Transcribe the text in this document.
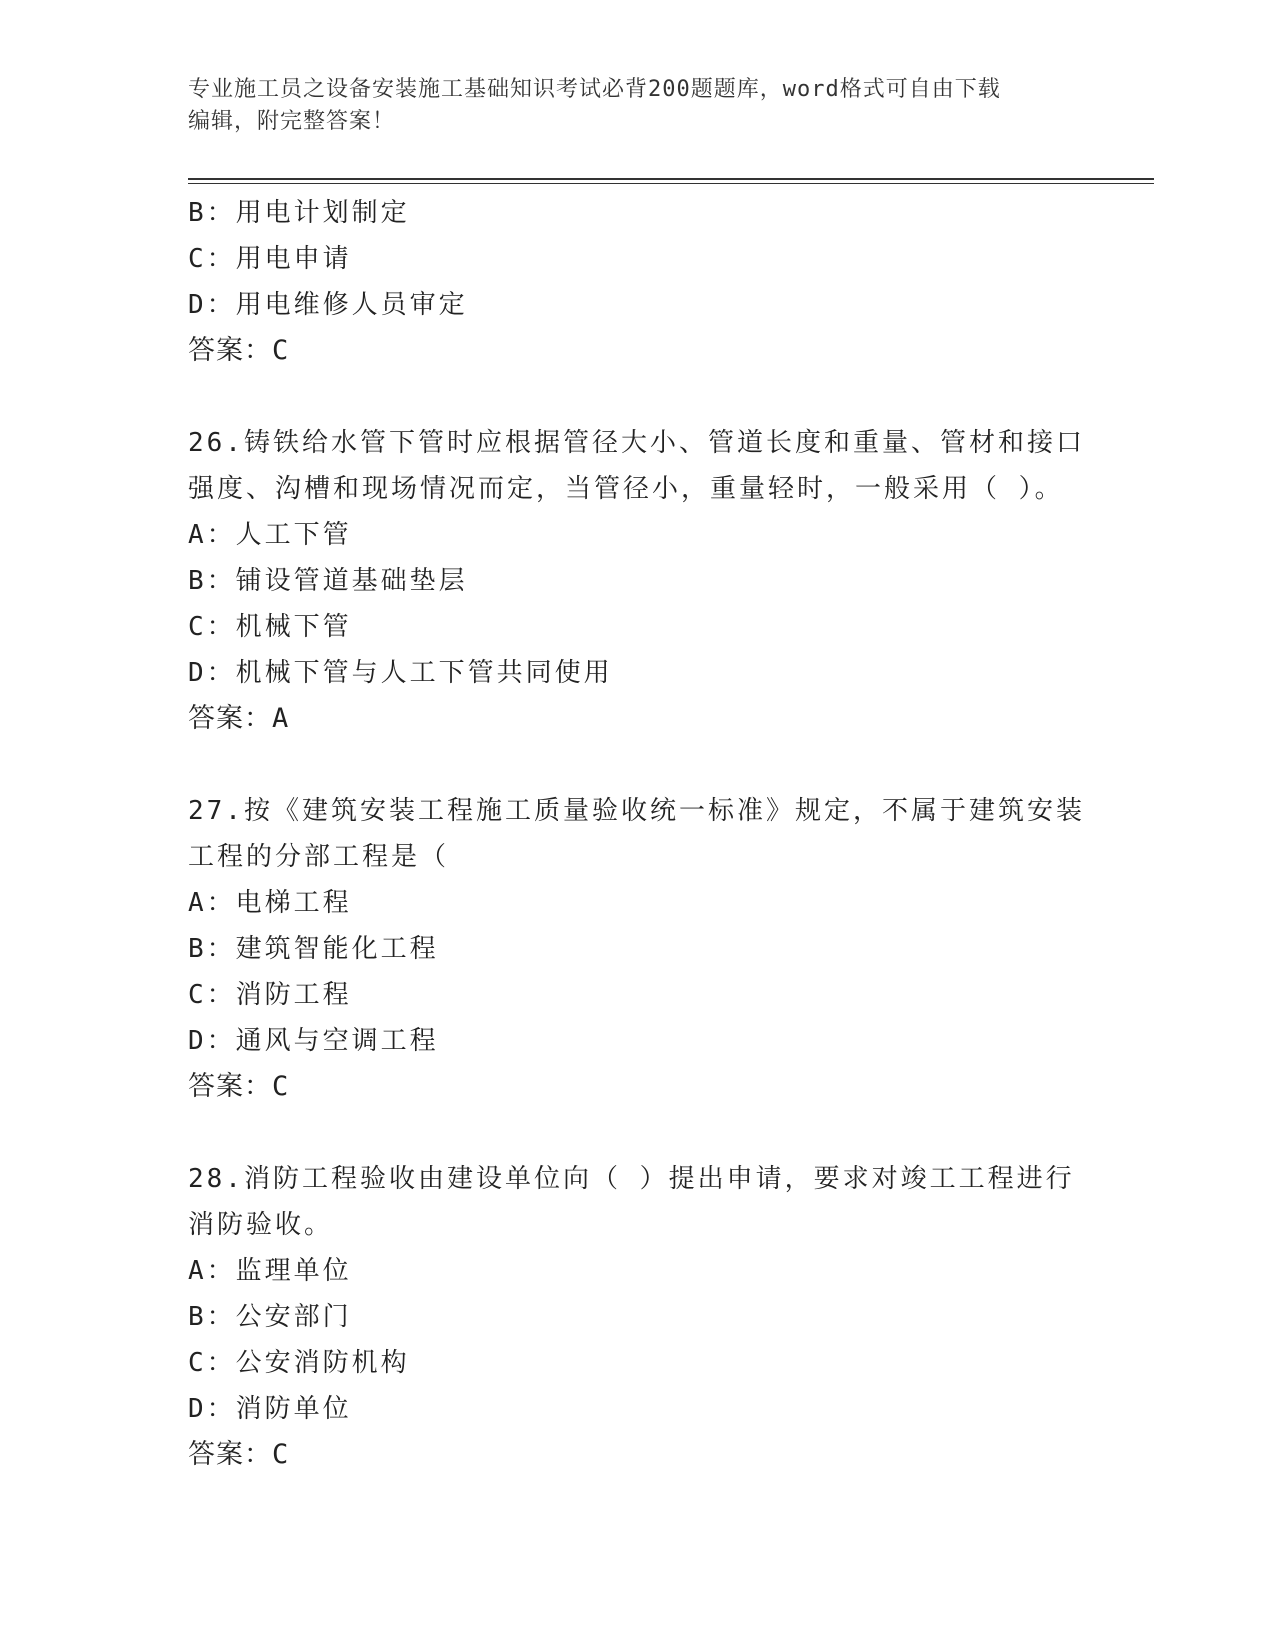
专业施工员之设备安装施工基础知识考试必背200题题库，word格式可自由下载
编辑，附完整答案！
B：用电计划制定
C：用电申请
D：用电维修人员审定
答案：C
26.铸铁给水管下管时应根据管径大小、管道长度和重量、管材和接口
强度、沟槽和现场情况而定，当管径小，重量轻时，一般采用（ ）。
A：人工下管
B：铺设管道基础垫层
C：机械下管
D：机械下管与人工下管共同使用
答案：A
27.按《建筑安装工程施工质量验收统一标准》规定，不属于建筑安装
工程的分部工程是（
A：电梯工程
B：建筑智能化工程
C：消防工程
D：通风与空调工程
答案：C
28.消防工程验收由建设单位向（ ）提出申请，要求对竣工工程进行
消防验收。
A：监理单位
B：公安部门
C：公安消防机构
D：消防单位
答案：C
